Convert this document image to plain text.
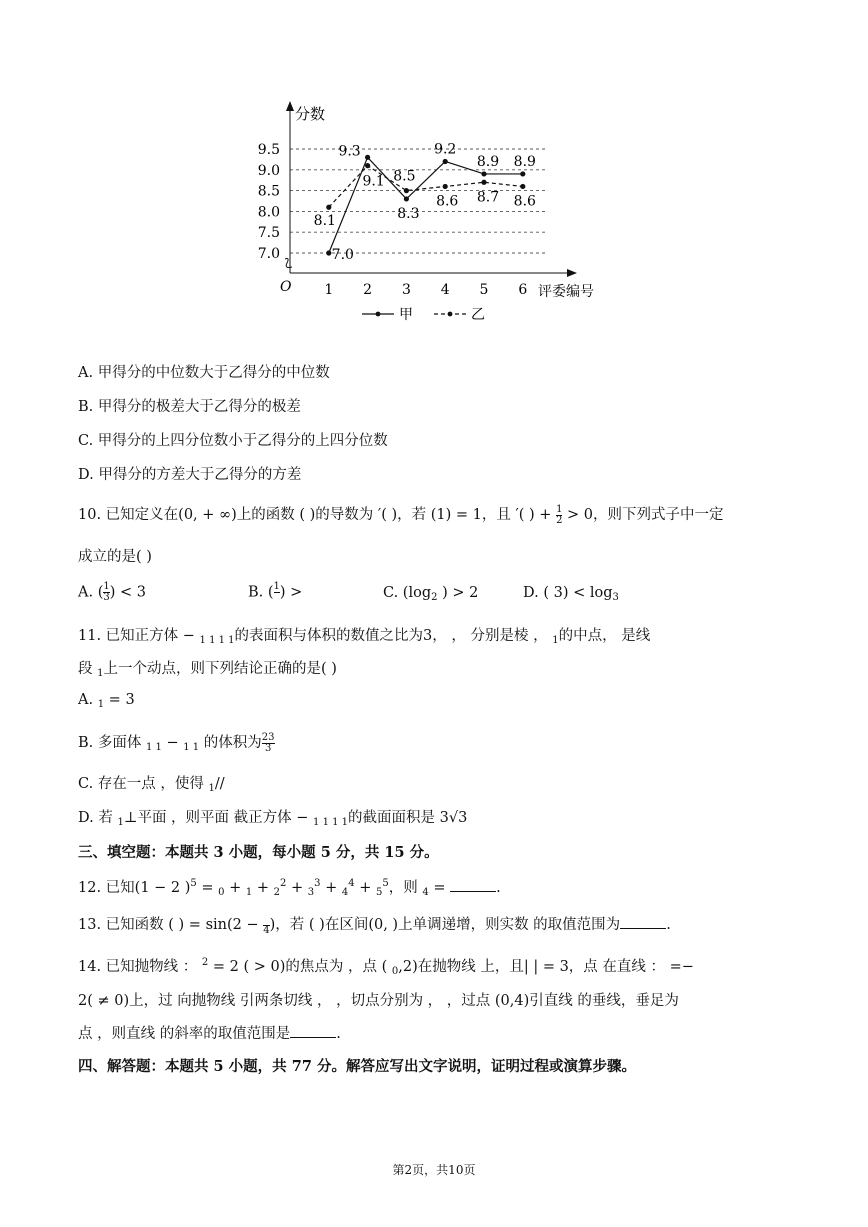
7.0
7.5
8.0
8.5
9.0
9.5
分数
评委编号
O 1 2 3 4 5 6
7.0
9.3
8.3
9.2
8.9 8.9
8.1
9.1 8.5
8.6 8.7 8.6
甲	乙
A. 甲得分的中位数大于乙得分的中位数
B. 甲得分的极差大于乙得分的极差
C. 甲得分的上四分位数小于乙得分的上四分位数
D. 甲得分的方差大于乙得分的方差
10. 已知定义在(0, + ∞)上的函数 ( )的导数为 ′( )，若 (1) = 1，且 ′( ) + $\frac{1}{2} > 0$，则下列式子中一定
成立的是( )
A. ( $\frac{1}{3}$ ) < 3	B. ( 1 ) >	C. ($\log_2$ ) > 2	D. ( $3) < \log_3$
11. 已知正方体 − $_{1 1 1 1}$的表面积与体积的数值之比为3， ， 分别是棱 ， $_1$的中点， 是线
段 $_1$上一个动点，则下列结论正确的是( )
A. $_1$ = 3
B. 多面体 $_{1 1}$ − $_{1 1}$ 的体积为 $\frac{23}{3}$
C. 存在一点 ，使得 $_1$//
D. 若 $_1$⊥平面 ，则平面 截正方体 − $_{1 1 1 1}$的截面面积是 3√3
三、填空题：本题共 3 小题，每小题 5 分，共 15 分。
12. 已知(1 − 2 )$^5$ = $_0$ + $_1$ + $_2^2$ + $_3^3$ + $_4^4$ + $_5^5$，则 $_4$ =	.
13. 已知函数 ( ) = sin(2 − 4 )，若 ( )在区间(0, )上单调递增，则实数 的取值范围为	.
14. 已知抛物线 ： $^2$ = 2 ( > 0)的焦点为 ，点 ( $_0$,2)在抛物线 上，且| | = 3，点 在直线 ： =−
2( ≠ 0)上，过 向抛物线 引两条切线 ， ，切点分别为 ， ，过点 (0,4)引直线 的垂线，垂足为
点 ，则直线 的斜率的取值范围是	.
四、解答题：本题共 5 小题，共 77 分。解答应写出文字说明，证明过程或演算步骤。
第2页，共10页
